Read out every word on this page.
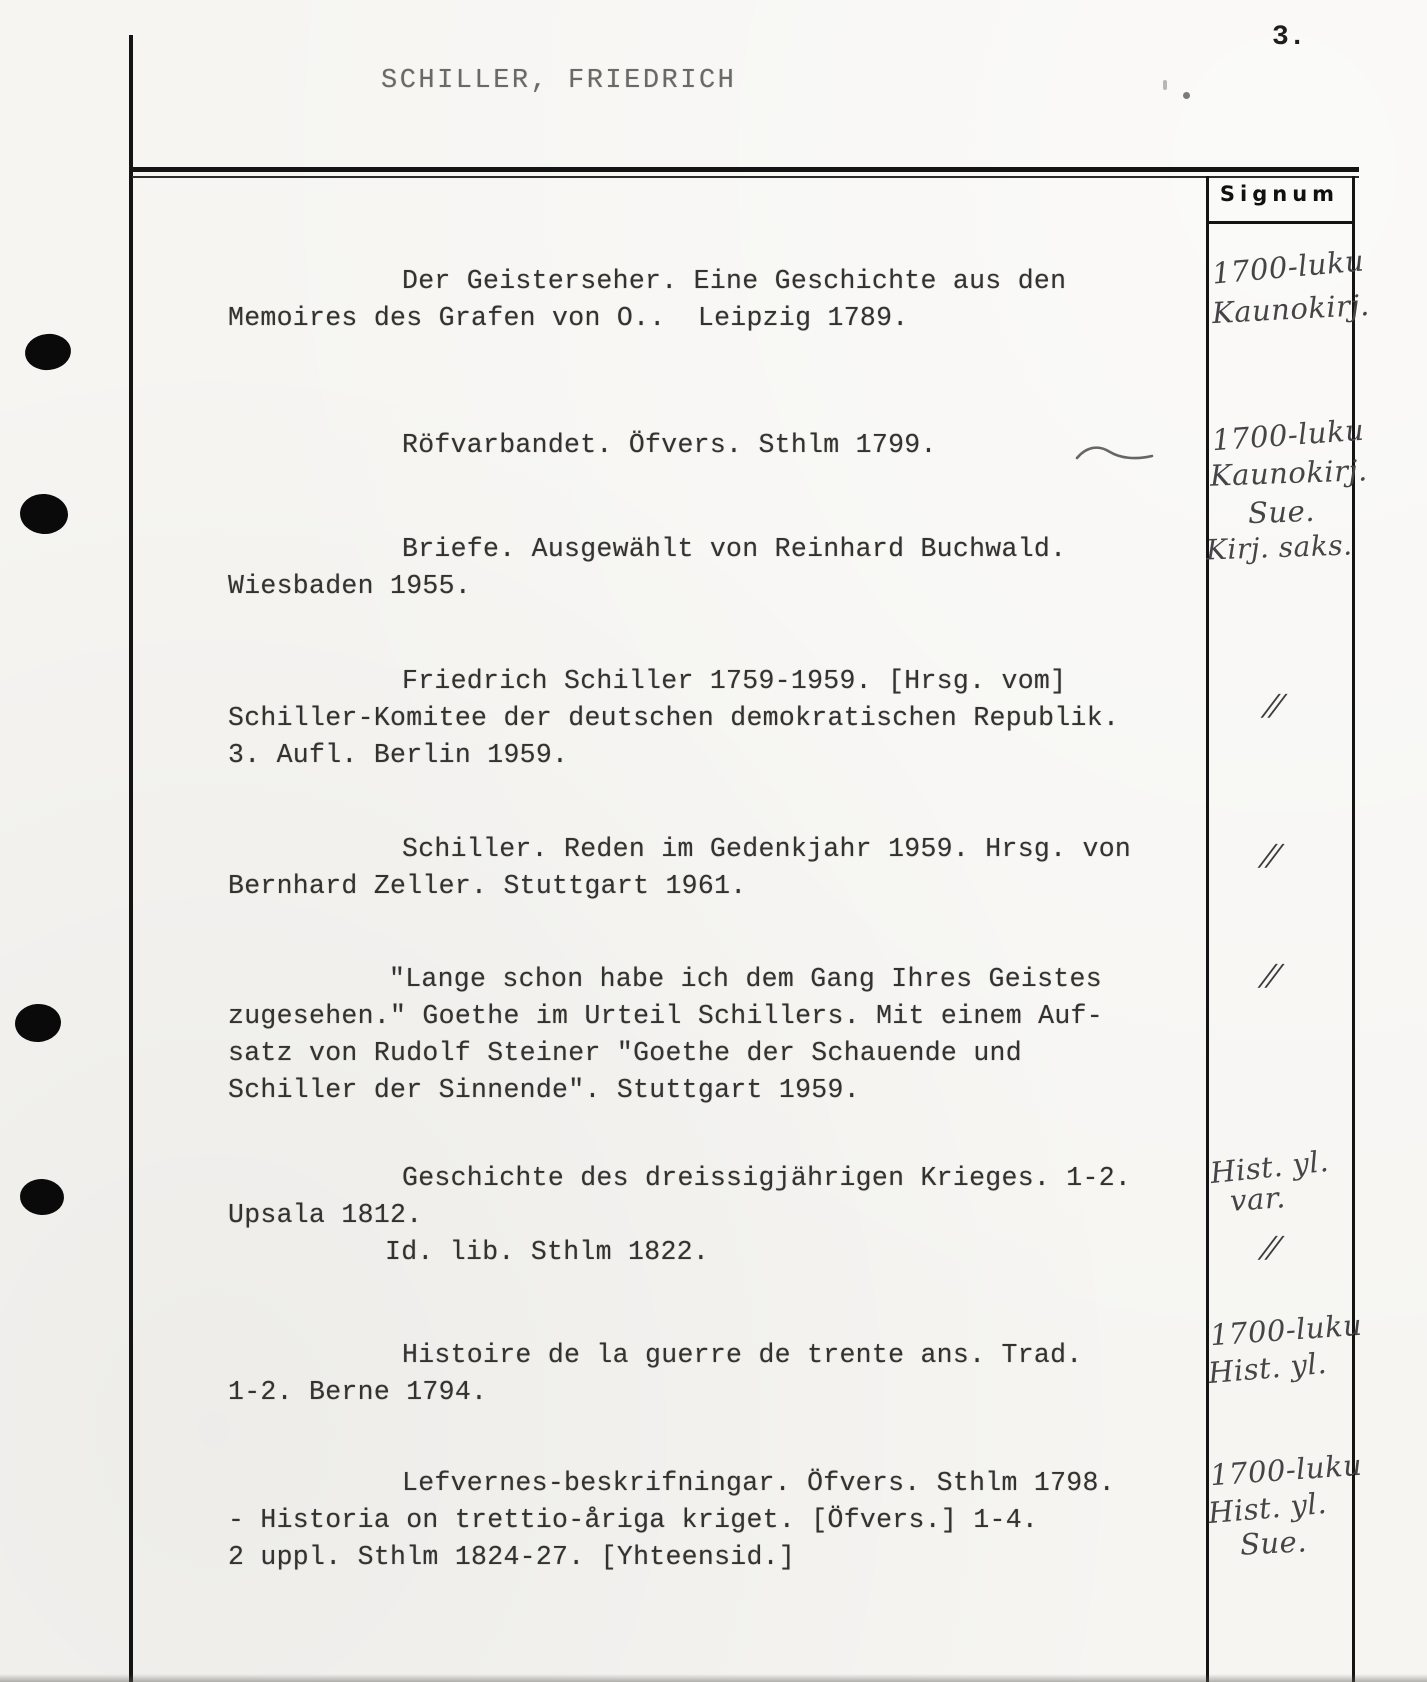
3.
SCHILLER, FRIEDRICH
Signum
Der Geisterseher. Eine Geschichte aus den
Memoires des Grafen von O..  Leipzig 1789.
1700-luku
Kaunokirj.
Röfvarbandet. Öfvers. Sthlm 1799.	1700-luku
Kaunokirj.
Sue.
Briefe. Ausgewählt von Reinhard Buchwald.
Wiesbaden 1955.
Kirj. saks.
Friedrich Schiller 1759-1959. [Hrsg. vom]
Schiller-Komitee der deutschen demokratischen Republik.
3. Aufl. Berlin 1959.
//
Schiller. Reden im Gedenkjahr 1959. Hrsg. von
Bernhard Zeller. Stuttgart 1961.
//
"Lange schon habe ich dem Gang Ihres Geistes
zugesehen." Goethe im Urteil Schillers. Mit einem Auf-
satz von Rudolf Steiner "Goethe der Schauende und
Schiller der Sinnende". Stuttgart 1959.
//
Geschichte des dreissigjährigen Krieges. 1-2.
Upsala 1812.
Hist. yl.
var.
Id. lib. Sthlm 1822.	//
Histoire de la guerre de trente ans. Trad.
1-2. Berne 1794.
1700-luku
Hist. yl.
Lefvernes-beskrifningar. Öfvers. Sthlm 1798.
- Historia on trettio-åriga kriget. [Öfvers.] 1-4.
2 uppl. Sthlm 1824-27. [Yhteensid.]
1700-luku
Hist. yl.
Sue.
